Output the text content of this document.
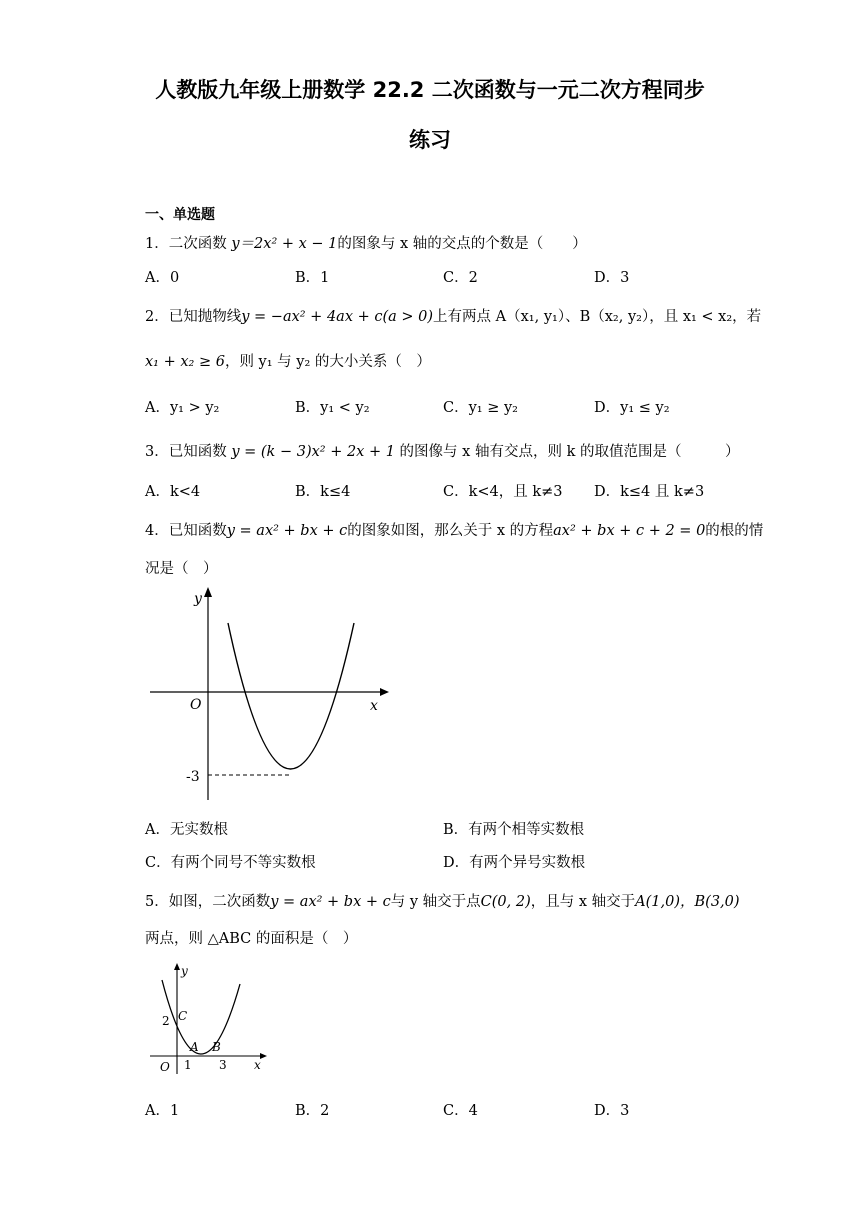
人教版九年级上册数学 22.2 二次函数与一元二次方程同步
练习
一、单选题
1．二次函数 y＝2x² + x − 1的图象与 x 轴的交点的个数是（　　）
A．0	B．1	C．2	D．3
2．已知抛物线y = −ax² + 4ax + c(a > 0)上有两点 A（x₁, y₁）、B（x₂, y₂），且 x₁ < x₂，若
x₁ + x₂ ≥ 6，则 y₁ 与 y₂ 的大小关系（　）
A．y₁ > y₂	B．y₁ < y₂	C．y₁ ≥ y₂	D．y₁ ≤ y₂
3．已知函数 y = (k − 3)x² + 2x + 1 的图像与 x 轴有交点，则 k 的取值范围是（　　　）
A．k<4	B．k≤4	C．k<4，且 k≠3 D．k≤4 且 k≠3
4．已知函数y = ax² + bx + c的图象如图，那么关于 x 的方程ax² + bx + c + 2 = 0的根的情
况是（　）
y
x
O
-3
A．无实数根	B．有两个相等实数根
C．有两个同号不等实数根	D．有两个异号实数根
5．如图，二次函数y = ax² + bx + c与 y 轴交于点C(0, 2)，且与 x 轴交于A(1,0)，B(3,0)
两点，则 △ABC 的面积是（　）
y
x
O
2 C
A B
1 3
A．1	B．2	C．4	D．3
